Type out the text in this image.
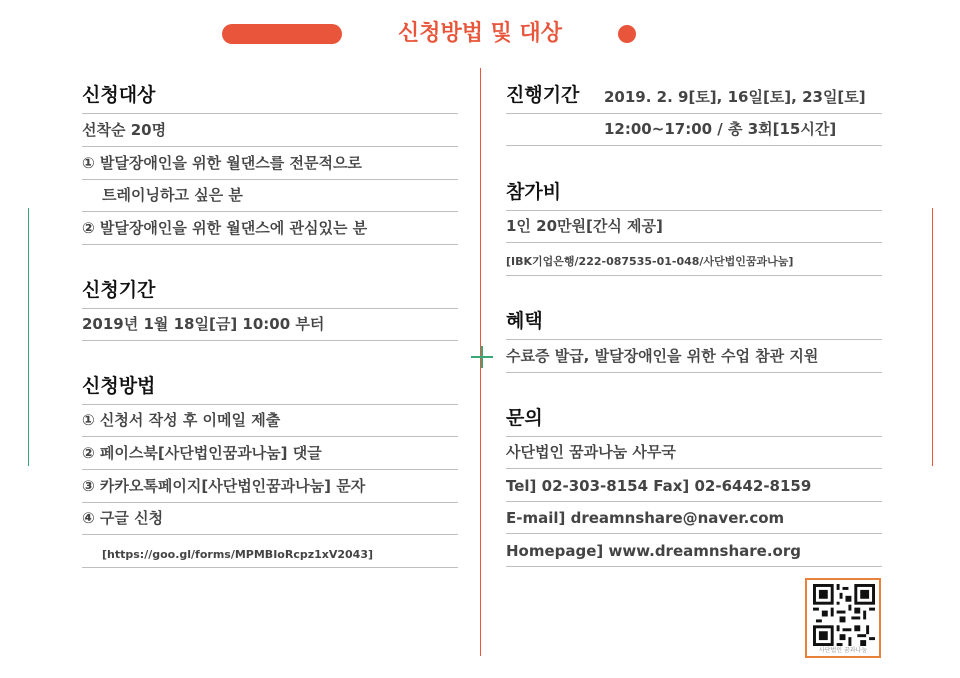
신청방법 및 대상
신청대상
선착순 20명
① 발달장애인을 위한 월댄스를 전문적으로
트레이닝하고 싶은 분
② 발달장애인을 위한 월댄스에 관심있는 분
신청기간
2019년 1월 18일[금] 10:00 부터
신청방법
① 신청서 작성 후 이메일 제출
② 페이스북[사단법인꿈과나눔] 댓글
③ 카카오톡페이지[사단법인꿈과나눔] 문자
④ 구글 신청
[https://goo.gl/forms/MPMBIoRcpz1xV2043]
진행기간 2019. 2. 9[토], 16일[토], 23일[토]
12:00~17:00 / 총 3회[15시간]
참가비
1인 20만원[간식 제공]
[IBK기업은행/222-087535-01-048/사단법인꿈과나눔]
혜택
수료증 발급, 발달장애인을 위한 수업 참관 지원
문의
사단법인 꿈과나눔 사무국
Tel] 02-303-8154 Fax] 02-6442-8159
E-mail] dreamnshare@naver.com
Homepage] www.dreamnshare.org
사단법인 꿈과나눔
